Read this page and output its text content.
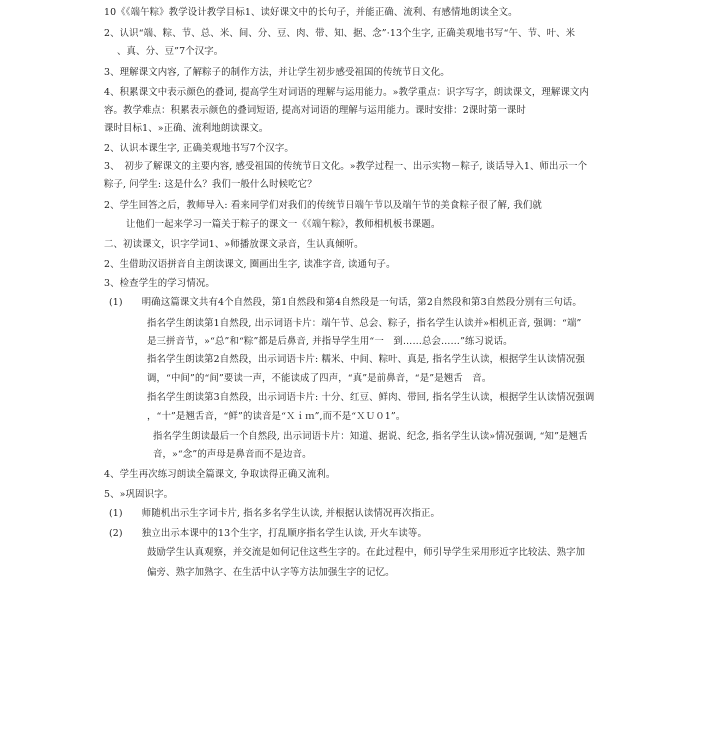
10《《端午粽》教学设计教学目标1、读好课文中的长句子，并能正确、流利、有感情地朗读全文。
2、认识“端、粽、节、总、米、间、分、豆、肉、带、知、据、念”·13个生字, 正确美观地书写“午、节、叶、米
、真、分、豆”7个汉字。
3、理解课文内容, 了解粽子的制作方法，并让学生初步感受祖国的传统节日文化。
4、积累课文中表示颜色的叠词, 提高学生对词语的理解与运用能力。»教学重点：识字写字，朗读课文，理解课文内
容。教学难点：积累表示颜色的叠词短语, 提高对词语的理解与运用能力。课时安排：2课时第一课时
课时目标1、»正确、流利地朗读课文。
2、认识本课生字, 正确美观地书写7个汉字。
3、　初步了解课文的主要内容, 感受祖国的传统节日文化。»教学过程一、出示实物－粽子, 谈话导入1、师出示一个
粽子, 问学生: 这是什么？我们一般什么时候吃它？
2、学生回答之后，教师导入: 看来同学们对我们的传统节日端午节以及端午节的美食粽子很了解, 我们就
让他们一起来学习一篇关于粽子的课文一《《端午粽》，教师相机板书课题。
二、初读课文，识字学词1、»师播放课文录音，生认真倾听。
2、生借助汉语拼音自主朗读课文, 圈画出生字, 读准字音, 读通句子。
3、检查学生的学习情况。
(1)　　明确这篇课文共有4个自然段，第1自然段和第4自然段是一句话，第2自然段和第3自然段分别有三句话。
指名学生朗读第1自然段, 出示词语卡片：端午节、总会、粽子，指名学生认读并»相机正音, 强调：“端”
是三拼音节，»“总”和“粽”都是后鼻音, 并指导学生用“一　到……总会……”练习说话。
指名学生朗读第2自然段，出示词语卡片: 糯米、中间、粽叶、真是, 指名学生认读，根据学生认读情况强
调，“中间”的“间”要读一声，不能读成了四声，“真”是前鼻音，“是”是翘舌　音。
指名学生朗读第3自然段，出示词语卡片: 十分、红豆、鲜肉、带回, 指名学生认读，根据学生认读情况强调
，“十”是翘舌音，“鲜”的读音是“Ｘｉｍ”,而不是“ＸＵ０1”。
指名学生朗读最后一个自然段, 出示词语卡片：知道、据说、纪念, 指名学生认读»情况强调, “知”是翘舌
音，»“念”的声母是鼻音而不是边音。
4、学生再次练习朗读全篇课文, 争取读得正确又流利。
5、»巩固识字。
(1)　　师随机出示生字词卡片, 指名多名学生认读, 并根据认读情况再次指正。
(2)　　独立出示本课中的13个生字，打乱顺序指名学生认读, 开火车读等。
鼓励学生认真观察，并交流是如何记住这些生字的。在此过程中，师引导学生采用形近字比较法、熟字加
偏旁、熟字加熟字、在生活中认字等方法加强生字的记忆。
